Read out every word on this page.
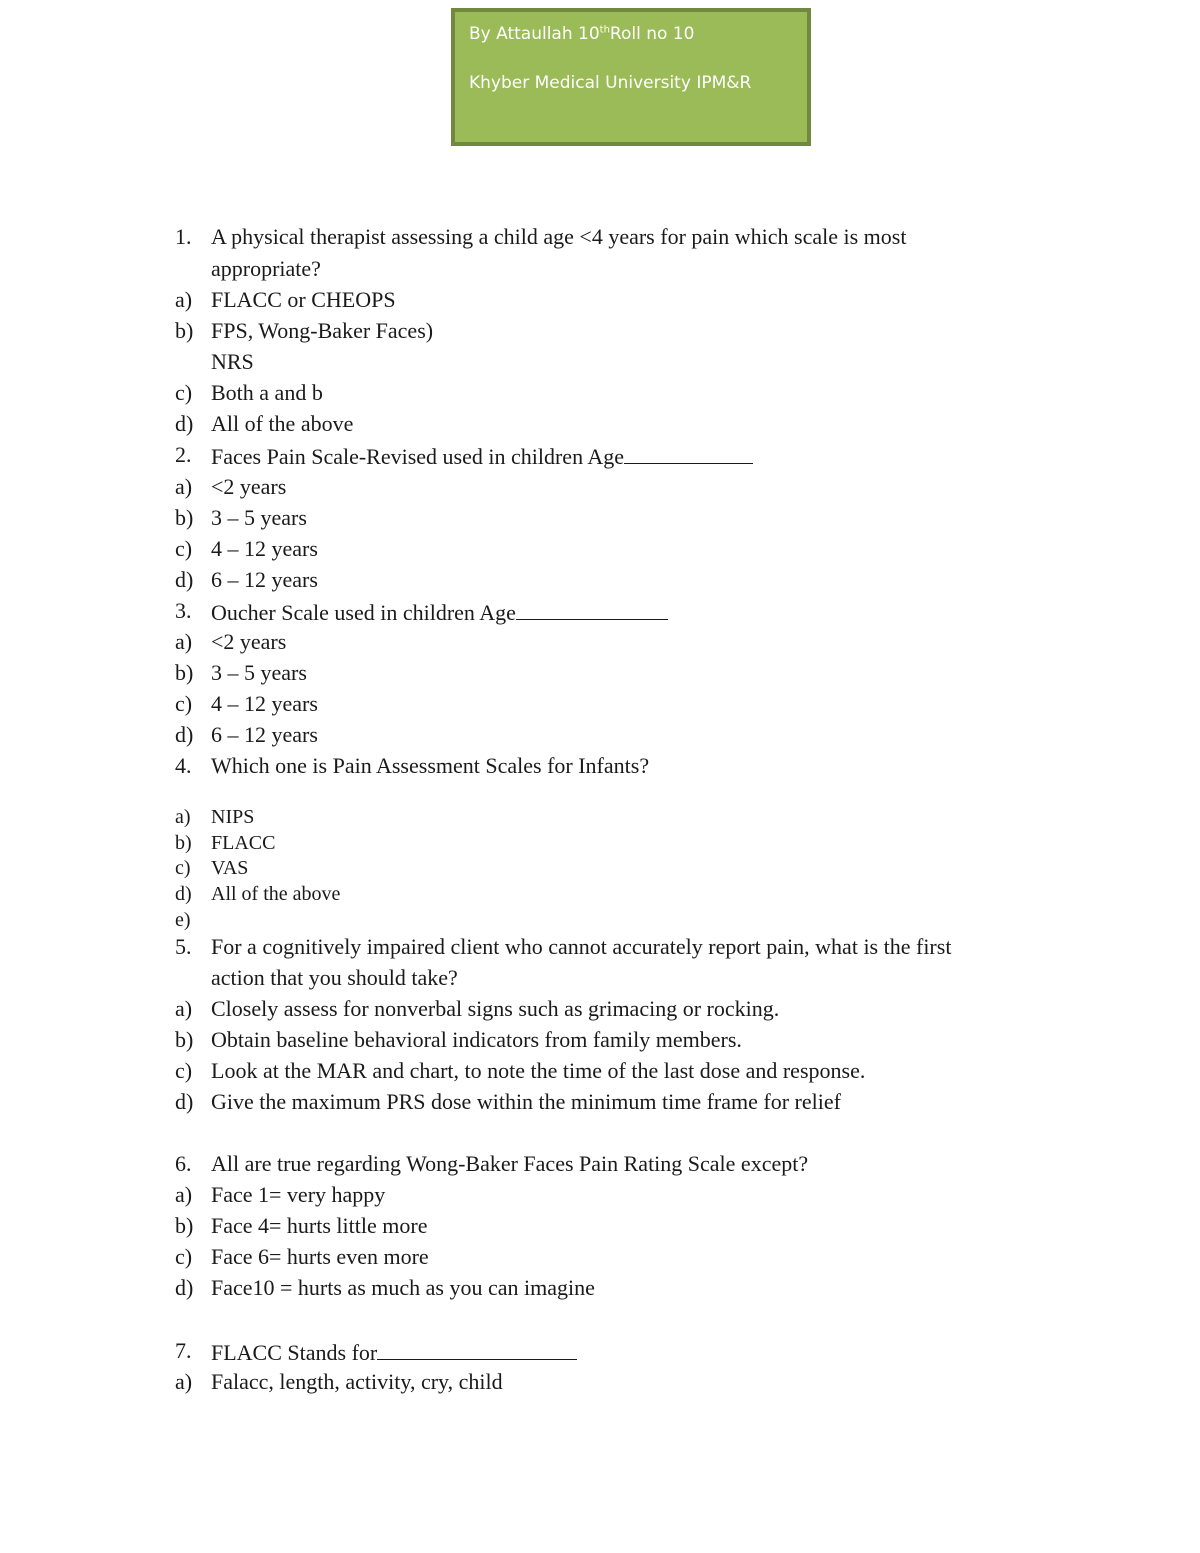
By Attaullah 10thRoll no 10
Khyber Medical University IPM&R
1. A physical therapist assessing a child age <4 years for pain which scale is most
appropriate?
a) FLACC or CHEOPS
b) FPS, Wong-Baker Faces)
NRS
c) Both a and b
d) All of the above
2. Faces Pain Scale-Revised used in children Age
a) <2 years
b) 3 – 5 years
c) 4 – 12 years
d) 6 – 12 years
3. Oucher Scale used in children Age
a) <2 years
b) 3 – 5 years
c) 4 – 12 years
d) 6 – 12 years
4. Which one is Pain Assessment Scales for Infants?
a) NIPS
b) FLACC
c) VAS
d) All of the above
e)
5. For a cognitively impaired client who cannot accurately report pain, what is the first
action that you should take?
a) Closely assess for nonverbal signs such as grimacing or rocking.
b) Obtain baseline behavioral indicators from family members.
c) Look at the MAR and chart, to note the time of the last dose and response.
d) Give the maximum PRS dose within the minimum time frame for relief
6. All are true regarding Wong-Baker Faces Pain Rating Scale except?
a) Face 1= very happy
b) Face 4= hurts little more
c) Face 6= hurts even more
d) Face10 = hurts as much as you can imagine
7. FLACC Stands for
a) Falacc, length, activity, cry, child
